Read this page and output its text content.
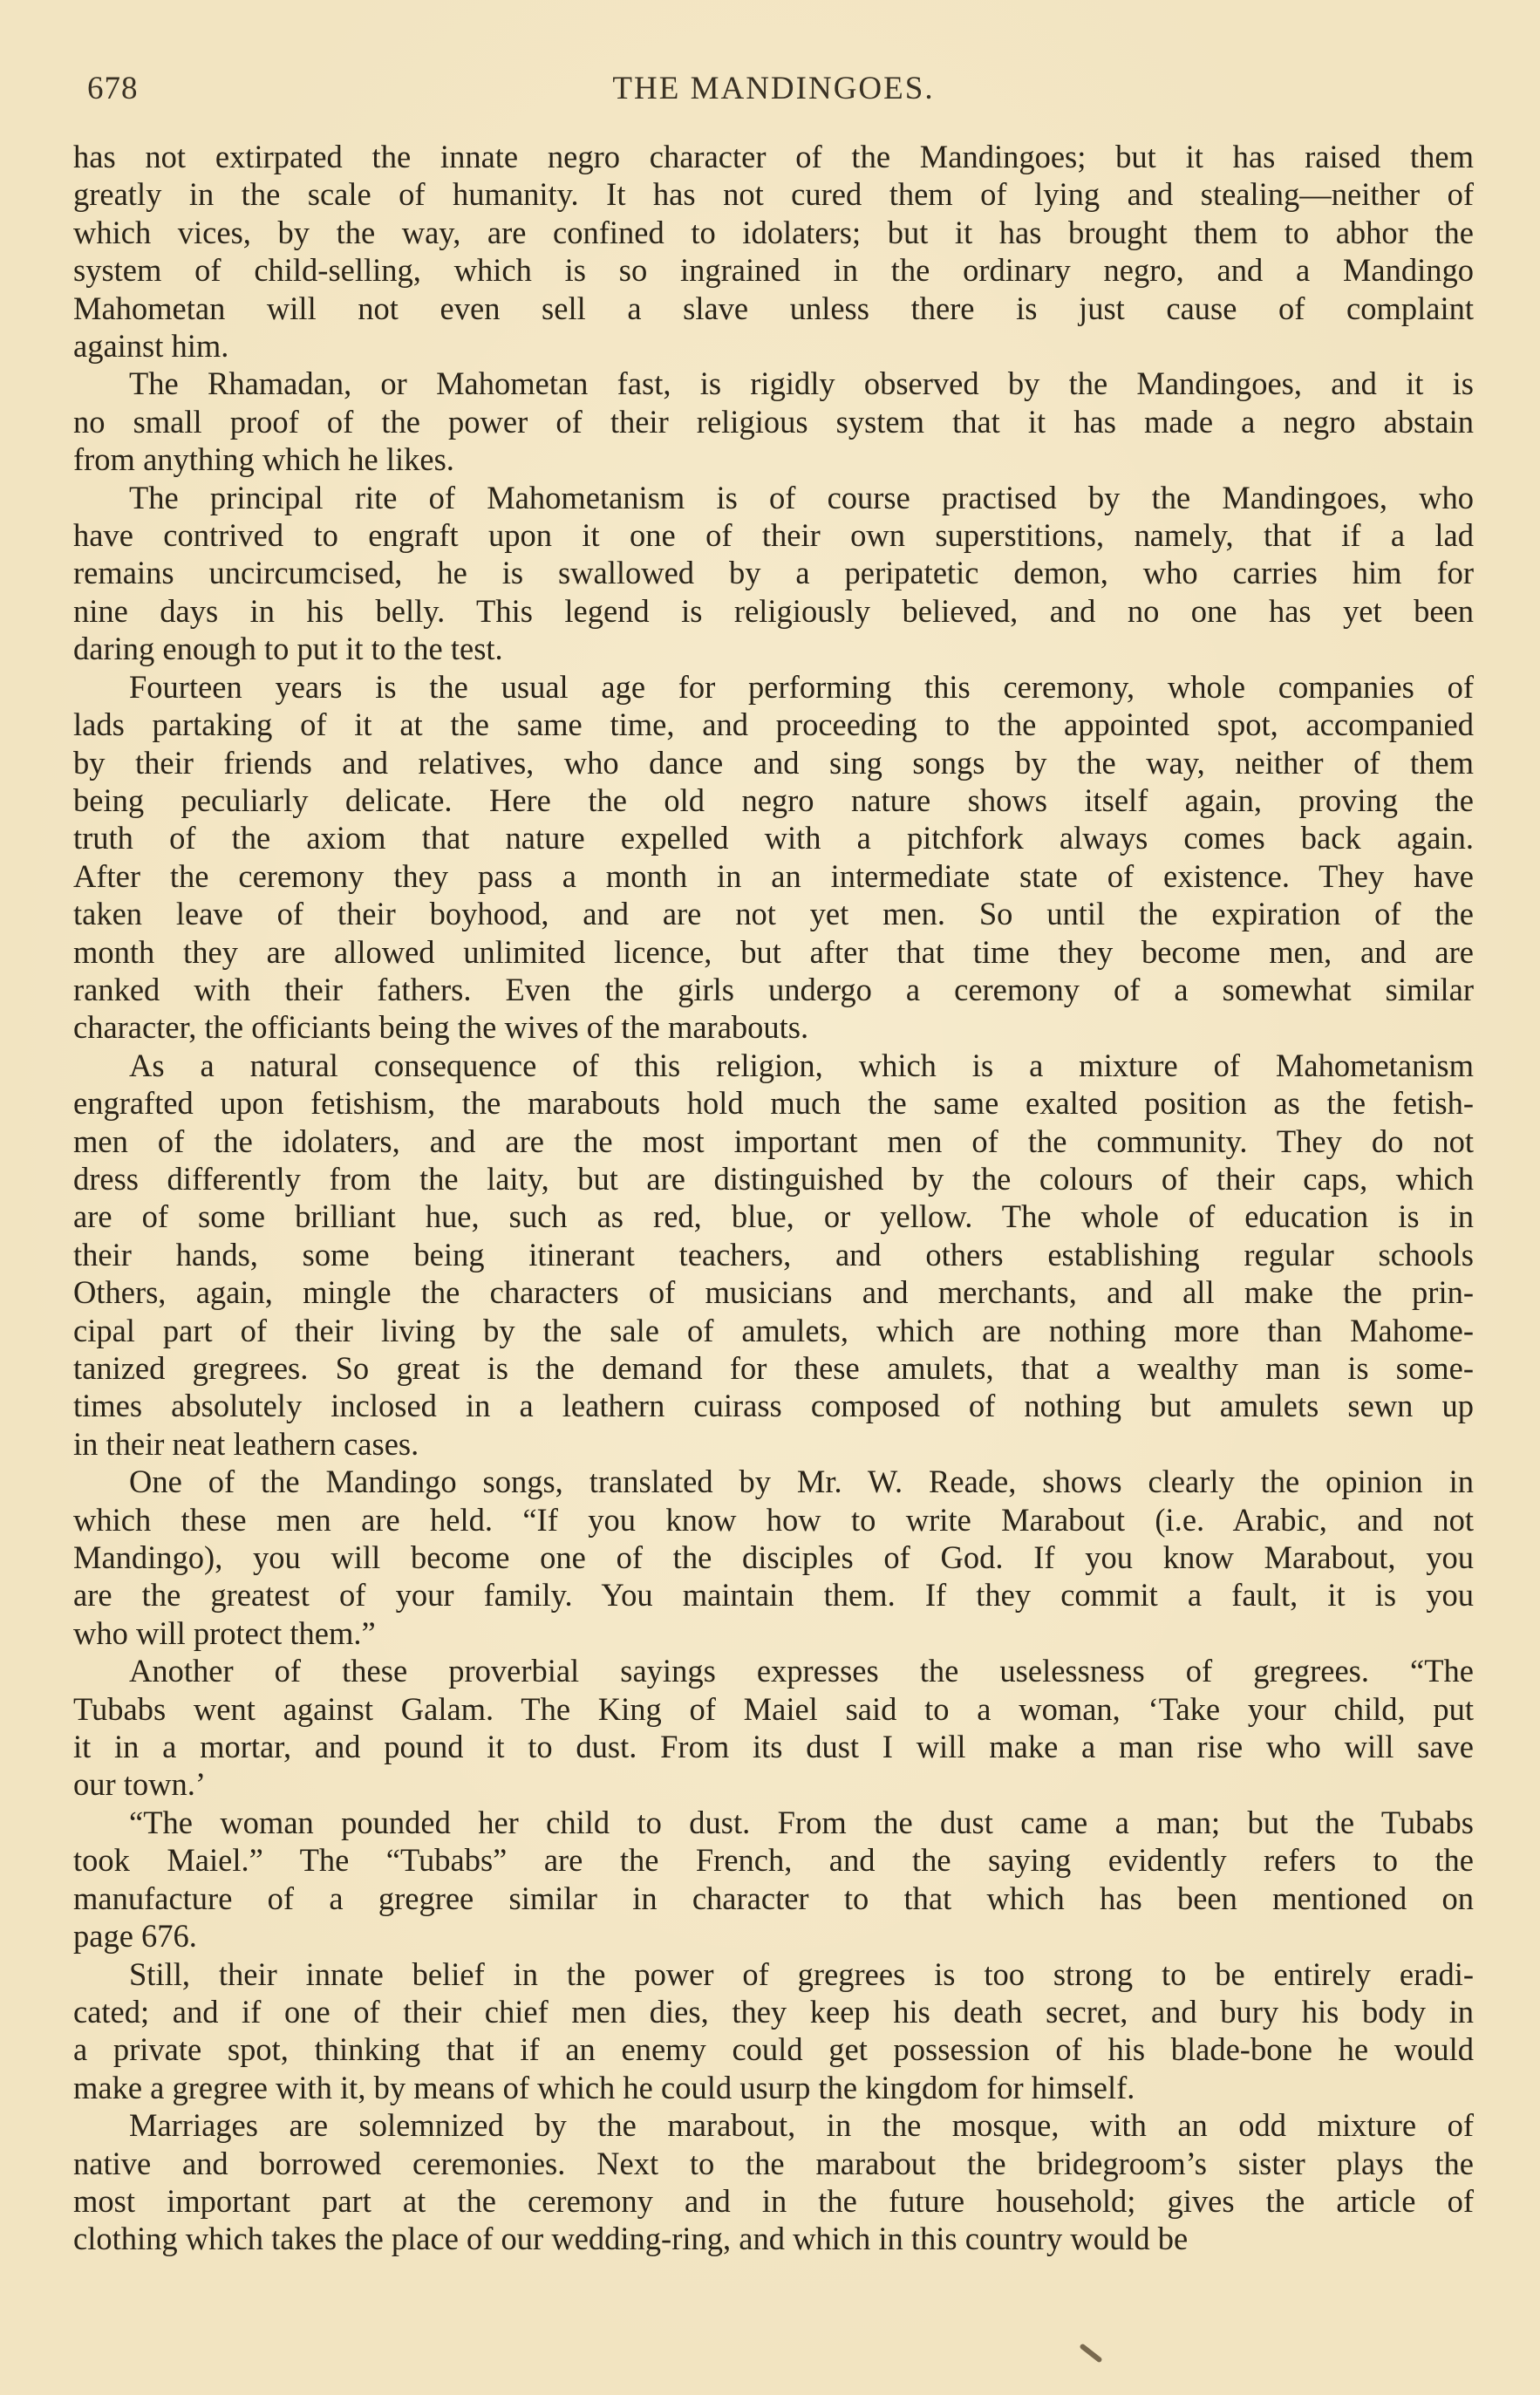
678	THE MANDINGOES.

has not extirpated the innate negro character of the Mandingoes; but it has raised them
greatly in the scale of humanity. It has not cured them of lying and stealing—neither of
which vices, by the way, are confined to idolaters; but it has brought them to abhor the
system of child-selling, which is so ingrained in the ordinary negro, and a Mandingo
Mahometan will not even sell a slave unless there is just cause of complaint
against him.

The Rhamadan, or Mahometan fast, is rigidly observed by the Mandingoes, and it is
no small proof of the power of their religious system that it has made a negro abstain
from anything which he likes.

The principal rite of Mahometanism is of course practised by the Mandingoes, who
have contrived to engraft upon it one of their own superstitions, namely, that if a lad
remains uncircumcised, he is swallowed by a peripatetic demon, who carries him for
nine days in his belly. This legend is religiously believed, and no one has yet been
daring enough to put it to the test.

Fourteen years is the usual age for performing this ceremony, whole companies of
lads partaking of it at the same time, and proceeding to the appointed spot, accompanied
by their friends and relatives, who dance and sing songs by the way, neither of them
being peculiarly delicate. Here the old negro nature shows itself again, proving the
truth of the axiom that nature expelled with a pitchfork always comes back again.
After the ceremony they pass a month in an intermediate state of existence. They have
taken leave of their boyhood, and are not yet men. So until the expiration of the
month they are allowed unlimited licence, but after that time they become men, and are
ranked with their fathers. Even the girls undergo a ceremony of a somewhat similar
character, the officiants being the wives of the marabouts.

As a natural consequence of this religion, which is a mixture of Mahometanism
engrafted upon fetishism, the marabouts hold much the same exalted position as the fetish-
men of the idolaters, and are the most important men of the community. They do not
dress differently from the laity, but are distinguished by the colours of their caps, which
are of some brilliant hue, such as red, blue, or yellow. The whole of education is in
their hands, some being itinerant teachers, and others establishing regular schools
Others, again, mingle the characters of musicians and merchants, and all make the prin-
cipal part of their living by the sale of amulets, which are nothing more than Mahome-
tanized gregrees. So great is the demand for these amulets, that a wealthy man is some-
times absolutely inclosed in a leathern cuirass composed of nothing but amulets sewn up
in their neat leathern cases.

One of the Mandingo songs, translated by Mr. W. Reade, shows clearly the opinion in
which these men are held. “If you know how to write Marabout (i.e. Arabic, and not
Mandingo), you will become one of the disciples of God. If you know Marabout, you
are the greatest of your family. You maintain them. If they commit a fault, it is you
who will protect them.”

Another of these proverbial sayings expresses the uselessness of gregrees. “The
Tubabs went against Galam. The King of Maiel said to a woman, ‘Take your child, put
it in a mortar, and pound it to dust. From its dust I will make a man rise who will save
our town.’

“The woman pounded her child to dust. From the dust came a man; but the Tubabs
took Maiel.” The “Tubabs” are the French, and the saying evidently refers to the
manufacture of a gregree similar in character to that which has been mentioned on
page 676.

Still, their innate belief in the power of gregrees is too strong to be entirely eradi-
cated; and if one of their chief men dies, they keep his death secret, and bury his body in
a private spot, thinking that if an enemy could get possession of his blade-bone he would
make a gregree with it, by means of which he could usurp the kingdom for himself.

Marriages are solemnized by the marabout, in the mosque, with an odd mixture of
native and borrowed ceremonies. Next to the marabout the bridegroom’s sister plays the
most important part at the ceremony and in the future household; gives the article of
clothing which takes the place of our wedding-ring, and which in this country would be
